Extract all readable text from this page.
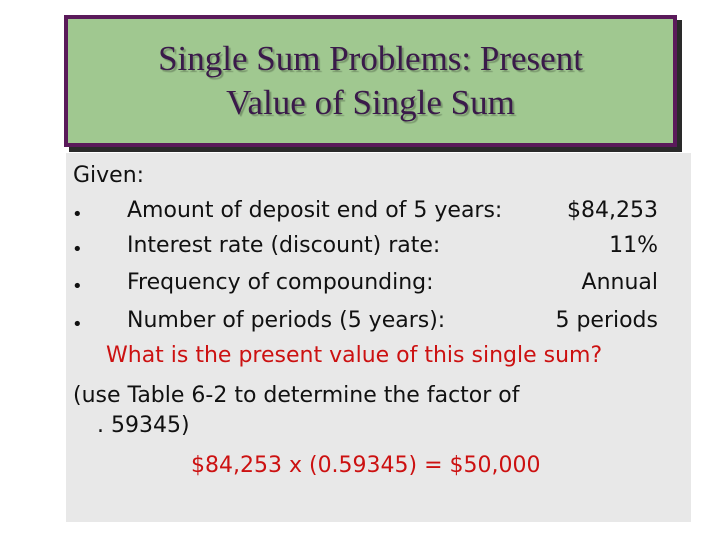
Single Sum Problems: Present
Value of Single Sum
Given:
• Amount of deposit end of 5 years:	$84,253
• Interest rate (discount) rate:	11%
• Frequency of compounding:	Annual
• Number of periods (5 years):	5 periods
What is the present value of this single sum?
(use Table 6-2 to determine the factor of
. 59345)
$84,253 x (0.59345) = $50,000
